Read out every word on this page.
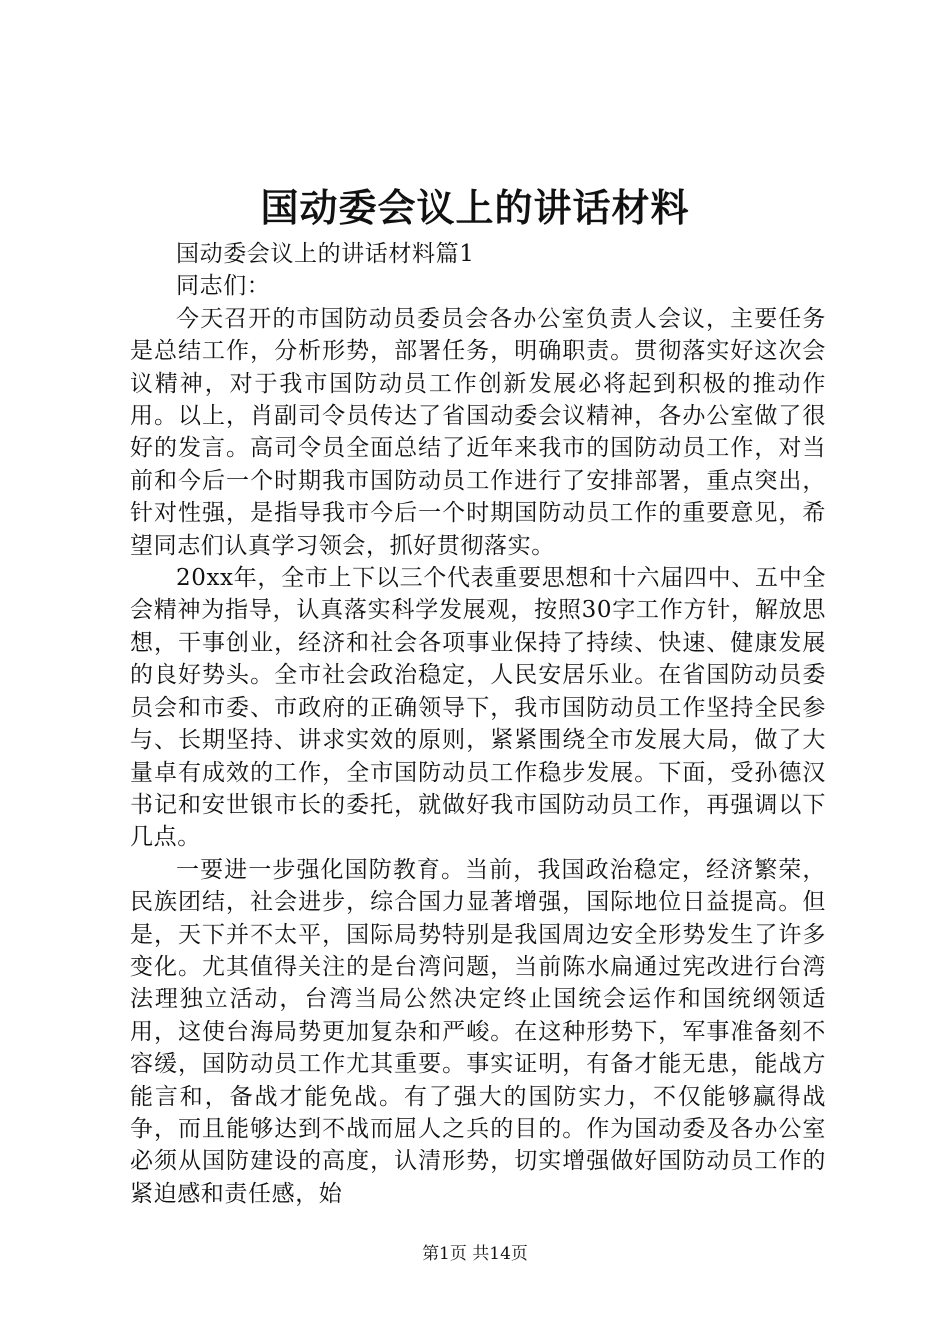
国动委会议上的讲话材料

国动委会议上的讲话材料篇1

同志们：

今天召开的市国防动员委员会各办公室负责人会议，主要任务是总结工作，分析形势，部署任务，明确职责。贯彻落实好这次会议精神，对于我市国防动员工作创新发展必将起到积极的推动作用。以上，肖副司令员传达了省国动委会议精神，各办公室做了很好的发言。高司令员全面总结了近年来我市的国防动员工作，对当前和今后一个时期我市国防动员工作进行了安排部署，重点突出，针对性强，是指导我市今后一个时期国防动员工作的重要意见，希望同志们认真学习领会，抓好贯彻落实。

20xx年，全市上下以三个代表重要思想和十六届四中、五中全会精神为指导，认真落实科学发展观，按照30字工作方针，解放思想，干事创业，经济和社会各项事业保持了持续、快速、健康发展的良好势头。全市社会政治稳定，人民安居乐业。在省国防动员委员会和市委、市政府的正确领导下，我市国防动员工作坚持全民参与、长期坚持、讲求实效的原则，紧紧围绕全市发展大局，做了大量卓有成效的工作，全市国防动员工作稳步发展。下面，受孙德汉书记和安世银市长的委托，就做好我市国防动员工作，再强调以下几点。

一要进一步强化国防教育。当前，我国政治稳定，经济繁荣，民族团结，社会进步，综合国力显著增强，国际地位日益提高。但是，天下并不太平，国际局势特别是我国周边安全形势发生了许多变化。尤其值得关注的是台湾问题，当前陈水扁通过宪改进行台湾法理独立活动，台湾当局公然决定终止国统会运作和国统纲领适用，这使台海局势更加复杂和严峻。在这种形势下，军事准备刻不容缓，国防动员工作尤其重要。事实证明，有备才能无患，能战方能言和，备战才能免战。有了强大的国防实力，不仅能够赢得战争，而且能够达到不战而屈人之兵的目的。作为国动委及各办公室必须从国防建设的高度，认清形势，切实增强做好国防动员工作的紧迫感和责任感，始

第1页 共14页
